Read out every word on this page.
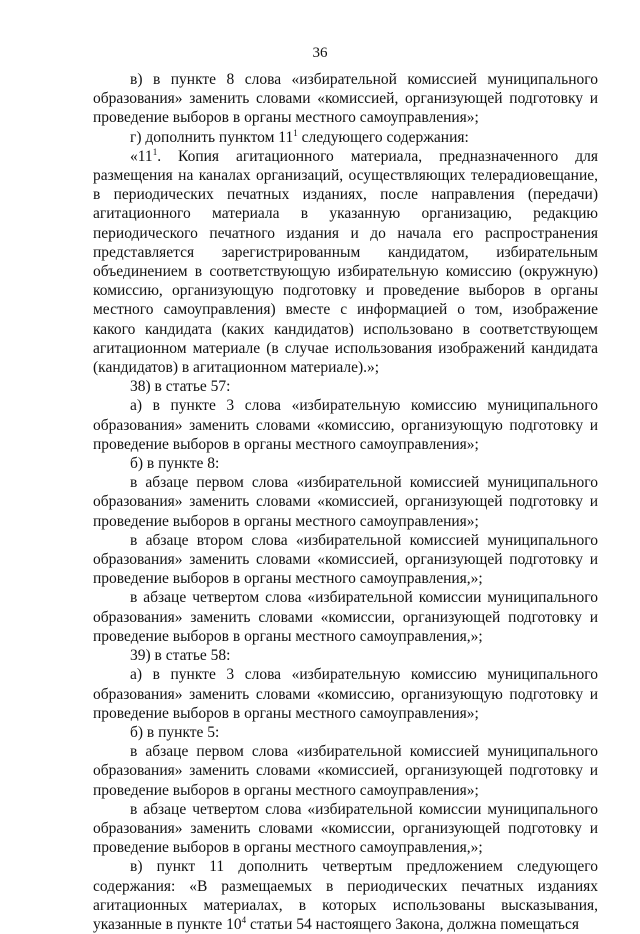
36

в) в пункте 8 слова «избирательной комиссией муниципального образования» заменить словами «комиссией, организующей подготовку и проведение выборов в органы местного самоуправления»;

г) дополнить пунктом $11^1$ следующего содержания:

«$11^1$. Копия агитационного материала, предназначенного для размещения на каналах организаций, осуществляющих телерадиовещание, в периодических печатных изданиях, после направления (передачи) агитационного материала в указанную организацию, редакцию периодического печатного издания и до начала его распространения представляется зарегистрированным кандидатом, избирательным объединением в соответствующую избирательную комиссию (окружную) комиссию, организующую подготовку и проведение выборов в органы местного самоуправления) вместе с информацией о том, изображение какого кандидата (каких кандидатов) использовано в соответствующем агитационном материале (в случае использования изображений кандидата (кандидатов) в агитационном материале).»;

38) в статье 57:

а) в пункте 3 слова «избирательную комиссию муниципального образования» заменить словами «комиссию, организующую подготовку и проведение выборов в органы местного самоуправления»;

б) в пункте 8:

в абзаце первом слова «избирательной комиссией муниципального образования» заменить словами «комиссией, организующей подготовку и проведение выборов в органы местного самоуправления»;

в абзаце втором слова «избирательной комиссией муниципального образования» заменить словами «комиссией, организующей подготовку и проведение выборов в органы местного самоуправления,»;

в абзаце четвертом слова «избирательной комиссии муниципального образования» заменить словами «комиссии, организующей подготовку и проведение выборов в органы местного самоуправления,»;

39) в статье 58:

а) в пункте 3 слова «избирательную комиссию муниципального образования» заменить словами «комиссию, организующую подготовку и проведение выборов в органы местного самоуправления»;

б) в пункте 5:

в абзаце первом слова «избирательной комиссией муниципального образования» заменить словами «комиссией, организующей подготовку и проведение выборов в органы местного самоуправления»;

в абзаце четвертом слова «избирательной комиссии муниципального образования» заменить словами «комиссии, организующей подготовку и проведение выборов в органы местного самоуправления,»;

в) пункт 11 дополнить четвертым предложением следующего содержания: «В размещаемых в периодических печатных изданиях агитационных материалах, в которых использованы высказывания, указанные в пункте $10^4$ статьи 54 настоящего Закона, должна помещаться
